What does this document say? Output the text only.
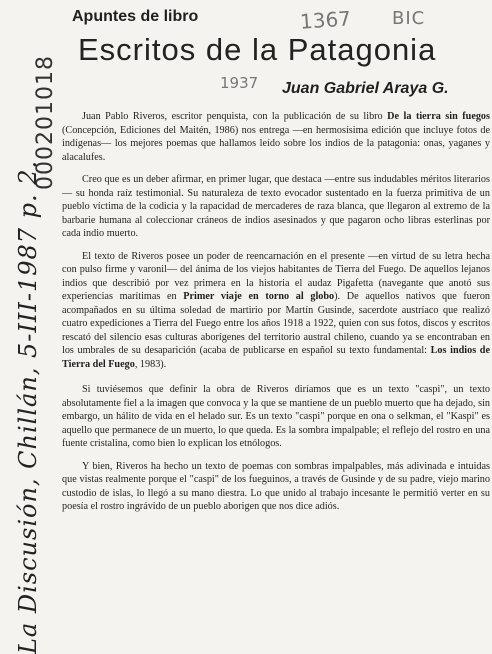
1367 BIC
1937
000201018
La Discusión, Chillán, 5-III-1987 p. 2.
Apuntes de libro
Escritos de la Patagonia
Juan Gabriel Araya G.

Juan Pablo Riveros, escritor penquista, con la publicación de su libro De la tierra sin fuegos (Concepción, Ediciones del Maitén, 1986) nos entrega —en hermosísima edición que incluye fotos de indígenas— los mejores poemas que hallamos leído sobre los indios de la patagonia: onas, yaganes y alacalufes.

Creo que es un deber afirmar, en primer lugar, que destaca —entre sus indudables méritos literarios— su honda raíz testimonial. Su naturaleza de texto evocador sustentado en la fuerza primitiva de un pueblo víctima de la codicia y la rapacidad de mercaderes de raza blanca, que llegaron al extremo de la barbarie humana al coleccionar cráneos de indios asesinados y que pagaron ocho libras esterlinas por cada indio muerto.

El texto de Riveros posee un poder de reencarnación en el presente —en virtud de su letra hecha con pulso firme y varonil— del ánima de los viejos habitantes de Tierra del Fuego. De aquellos lejanos indios que describió por vez primera en la historia el audaz Pigafetta (navegante que anotó sus experiencias marítimas en Primer viaje en torno al globo). De aquellos nativos que fueron acompañados en su última soledad de martirio por Martín Gusinde, sacerdote austríaco que realizó cuatro expediciones a Tierra del Fuego entre los años 1918 a 1922, quien con sus fotos, discos y escritos rescató del silencio esas culturas aborígenes del territorio austral chileno, cuando ya se encontraban en los umbrales de su desaparición (acaba de publicarse en español su texto fundamental: Los indios de Tierra del Fuego, 1983).

Si tuviésemos que definir la obra de Riveros diríamos que es un texto "caspi", un texto absolutamente fiel a la imagen que convoca y la que se mantiene de un pueblo muerto que ha dejado, sin embargo, un hálito de vida en el helado sur. Es un texto "caspi" porque en ona o selkman, el "Kaspi" es aquello que permanece de un muerto, lo que queda. Es la sombra impalpable; el reflejo del rostro en una fuente cristalina, como bien lo explican los etnólogos.

Y bien, Riveros ha hecho un texto de poemas con sombras impalpables, más adivinada e intuidas que vistas realmente porque el "caspi" de los fueguinos, a través de Gusinde y de su padre, viejo marino custodio de islas, lo llegó a su mano diestra. Lo que unido al trabajo incesante le permitió verter en su poesía el rostro ingrávido de un pueblo aborigen que nos dice adiós.
